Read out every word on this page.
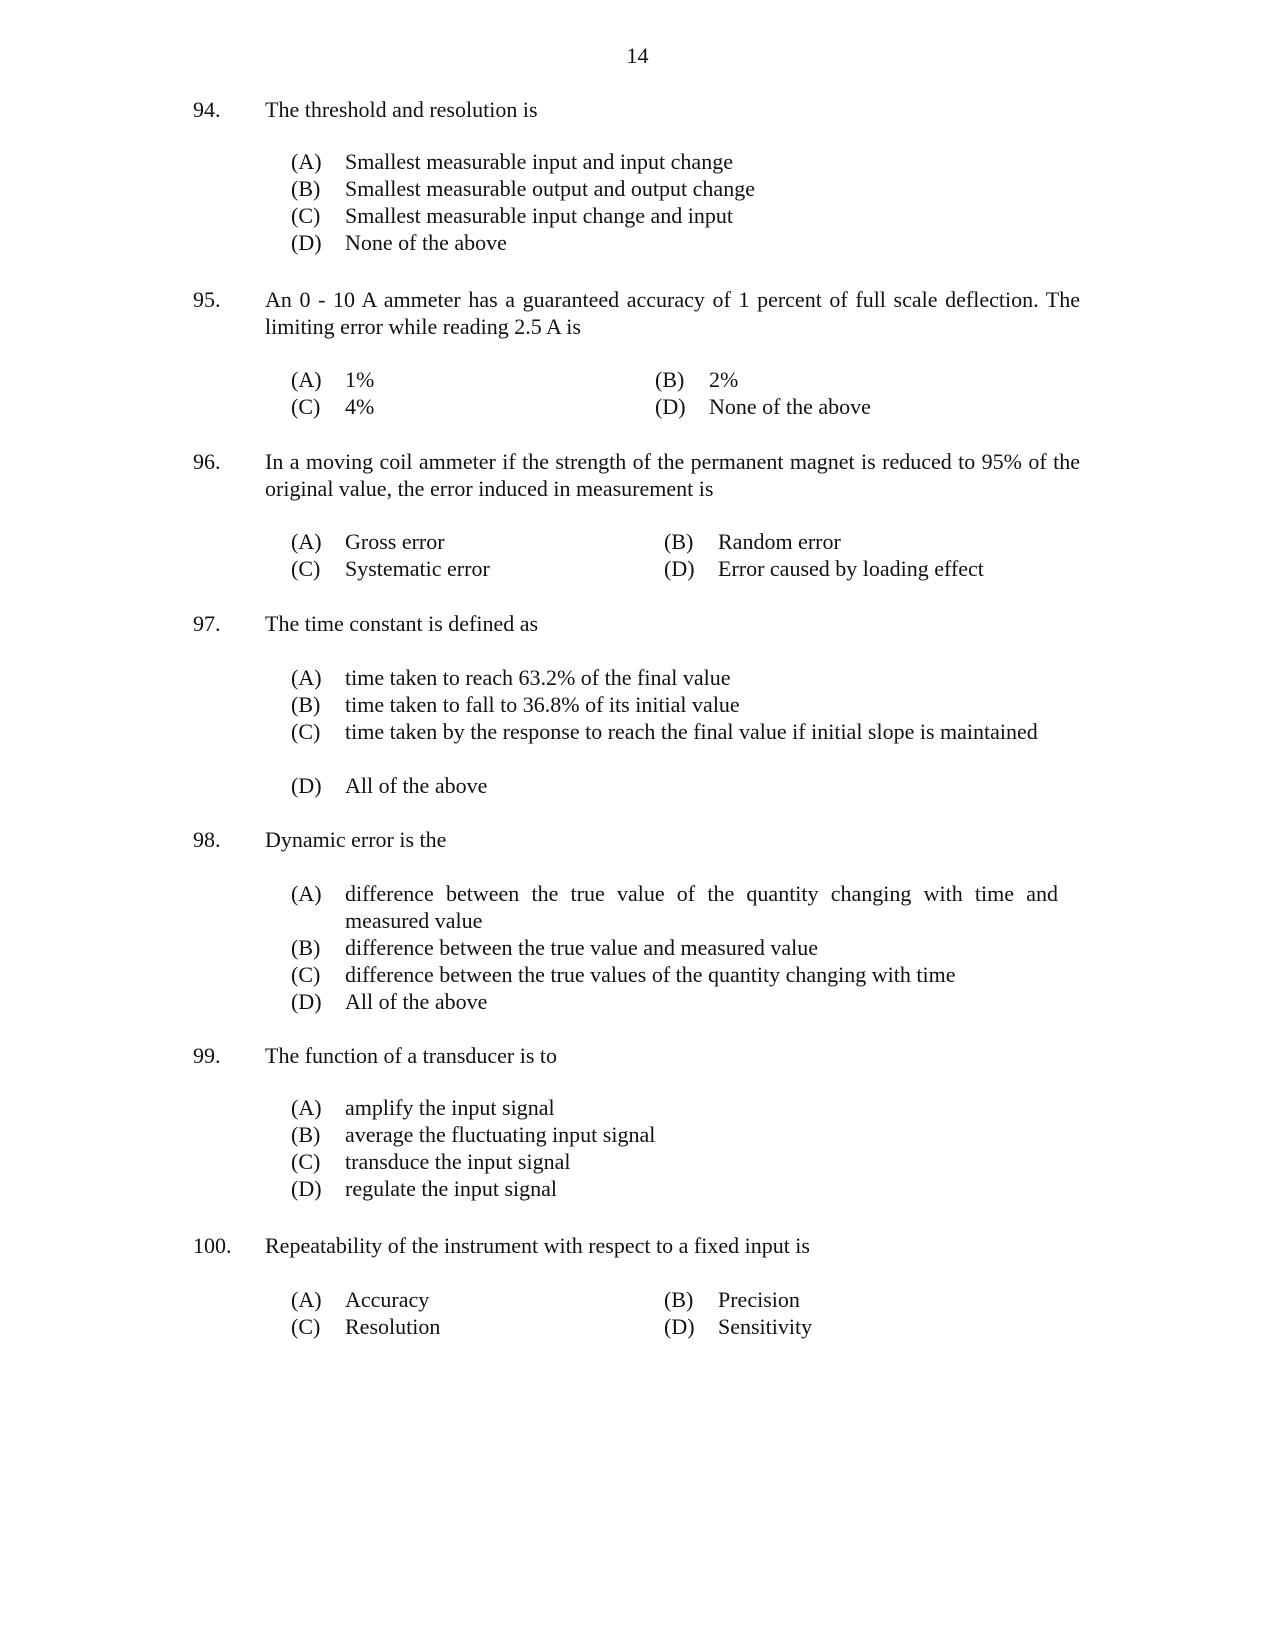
14
94. The threshold and resolution is
(A) Smallest measurable input and input change
(B) Smallest measurable output and output change
(C) Smallest measurable input change and input
(D) None of the above
95. An 0 - 10 A ammeter has a guaranteed accuracy of 1 percent of full scale deflection. The limiting error while reading 2.5 A is
(A) 1%	(B) 2%
(C) 4%	(D) None of the above
96. In a moving coil ammeter if the strength of the permanent magnet is reduced to 95% of the original value, the error induced in measurement is
(A) Gross error	(B) Random error
(C) Systematic error	(D) Error caused by loading effect
97. The time constant is defined as
(A) time taken to reach 63.2% of the final value
(B) time taken to fall to 36.8% of its initial value
(C) time taken by the response to reach the final value if initial slope is maintained
(D) All of the above
98. Dynamic error is the
(A) difference between the true value of the quantity changing with time and measured value
(B) difference between the true value and measured value
(C) difference between the true values of the quantity changing with time
(D) All of the above
99. The function of a transducer is to
(A) amplify the input signal
(B) average the fluctuating input signal
(C) transduce the input signal
(D) regulate the input signal
100. Repeatability of the instrument with respect to a fixed input is
(A) Accuracy	(B) Precision
(C) Resolution	(D) Sensitivity
